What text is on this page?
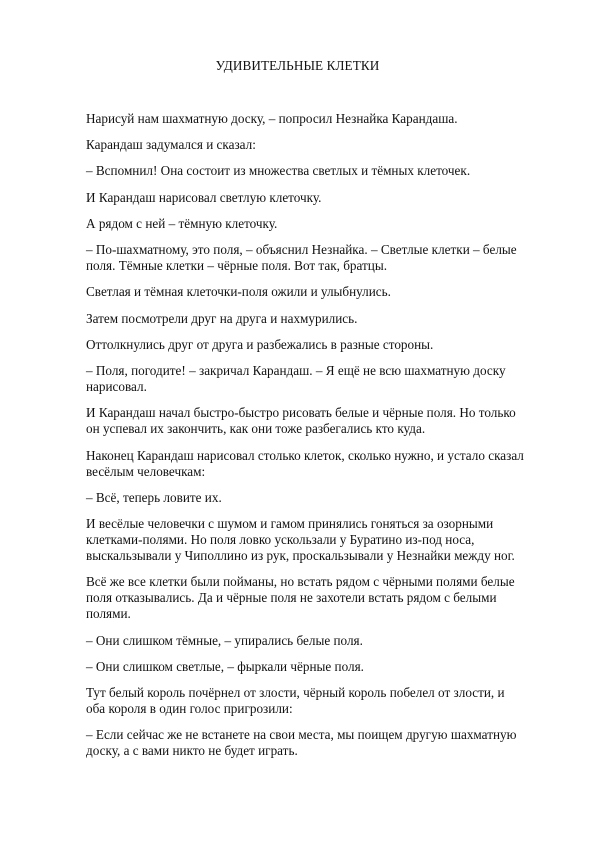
УДИВИТЕЛЬНЫЕ КЛЕТКИ

Нарисуй нам шахматную доску, – попросил Незнайка Карандаша.

Карандаш задумался и сказал:

– Вспомнил! Она состоит из множества светлых и тёмных клеточек.

И Карандаш нарисовал светлую клеточку.

А рядом с ней – тёмную клеточку.

– По-шахматному, это поля, – объяснил Незнайка. – Светлые клетки – белые поля. Тёмные клетки – чёрные поля. Вот так, братцы.

Светлая и тёмная клеточки-поля ожили и улыбнулись.

Затем посмотрели друг на друга и нахмурились.

Оттолкнулись друг от друга и разбежались в разные стороны.

– Поля, погодите! – закричал Карандаш. – Я ещё не всю шахматную доску нарисовал.

И Карандаш начал быстро-быстро рисовать белые и чёрные поля. Но только он успевал их закончить, как они тоже разбегались кто куда.

Наконец Карандаш нарисовал столько клеток, сколько нужно, и устало сказал весёлым человечкам:

– Всё, теперь ловите их.

И весёлые человечки с шумом и гамом принялись гоняться за озорными клетками-полями. Но поля ловко ускользали у Буратино из-под носа, выскальзывали у Чиполлино из рук, проскальзывали у Незнайки между ног.

Всё же все клетки были пойманы, но встать рядом с чёрными полями белые поля отказывались. Да и чёрные поля не захотели встать рядом с белыми полями.

– Они слишком тёмные, – упирались белые поля.

– Они слишком светлые, – фыркали чёрные поля.

Тут белый король почёрнел от злости, чёрный король побелел от злости, и оба короля в один голос пригрозили:

– Если сейчас же не встанете на свои места, мы поищем другую шахматную доску, а с вами никто не будет играть.
